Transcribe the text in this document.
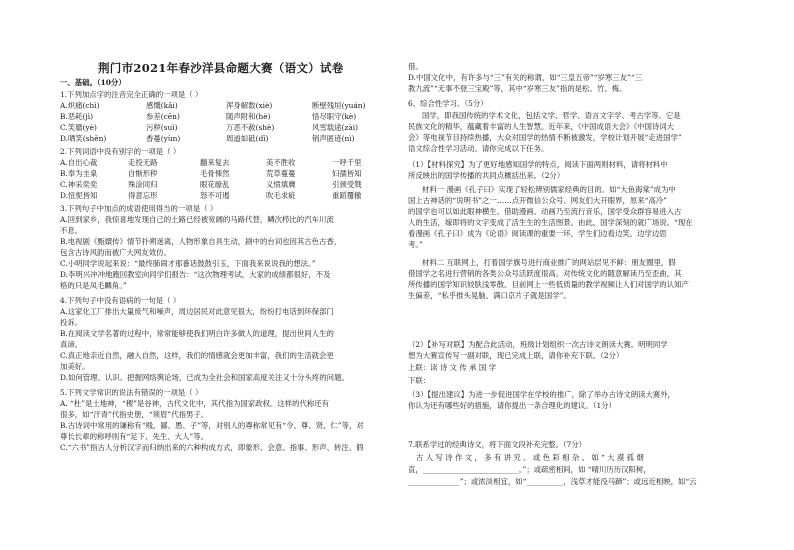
荆门市2021年春沙洋县命题大赛（语文）试卷
一、基础。（10分）
1.下列加点字的注音完全正确的一项是（ ）
A.炽痛(chì)	感慨(kǎi)	浑身解数(xiè)	断壁残垣(yuán)
B.恶耗(jì)	参差(cēn)	随声附和(hè)	恪尽职守(kè)
C.笑靥(yè)	污秽(suì)	万恶不赦(shè)	风雪载途(zài)
D.哂笑(shěn)	香蔓(yùn)	周道如砥(dǐ)	销声匿迹(nì)
2.下列词语中没有别字的一项是（ ）
A.自出心裁	走投无路	翻来复去	美不胜收	一呼千里
B.奉为圭臬	自惭形秽	毛骨悚然	荒草蔓蔓	妇孺皆知
C.神采奕奕	殊涂同归	眼花缭乱	义愤填膺	引颈受戮
D.忸怩皆知	得意忘形	怒不可遏	吹毛求疵	重蹈覆辙
3.下列句子中加点的成语使用得当的一项是（ ）
A.回到家乡，我惊喜地发现自己的土路已经被宽阔的马路代替，鳞次栉比的汽车川流
不息。
B.电视剧《甄嬛传》情节扑朔迷离，人物形象自具生动，剧中的台词也因其古色古香，
包含古诗风韵而被广大网友效仿。
C.小明同学说起来说：“最终肺闹才那番话鼓鼓引玉，下面我来说说我的想法。”
D.李明兴冲冲地跑回教室向同学们报告：“这次物理考试，大家的成绩都很好，不及
格的只是凤毛麟角。”
4.下列句子中没有语病的一句是（ ）
A.这家化工厂排出大量废气和噪声，周边居民对此意见很大，纷纷打电话到环保部门
投诉。
B.在阅读文学名著的过程中，常常能够使我们明白许多做人的道理，提出世间人生的
真谛。
C.真正地亲近自然，融入自然，这样，我们的情感就会更加丰富，我们的生活就会更
加美好。
D.如何管理、认识、把握网络舆论场，已成为全社会和国家高度关注又十分头疼的问题。
5.下列文学常识的说法有错误的一项是（ ）
A. “杜”是土地神，“稷”是谷神，古代文化中，其代指为国家政权。这样的代称还有
很多，如“汗青”代指史册，“须眉”代指男子。
B.古诗词中常用的谦称有“贱、鄙、愚、子”等，对别人的尊称常见有“令、尊、贤、仁”等，对
尊长长辈的称呼则有“足下、先生、大人”等。
C.“六书”指古人分析汉字而归纳出来的六种构成方式，即象形、会意、指事、形声、转注、假
借。
D.中国文化中，有许多与“三”有关的称谓，如“三皇五帝”“岁寒三友”“三
教九流”“无事不登三宝殿”等，其中“岁寒三友”指的是松、竹、梅。
6、综合性学习。（5分）
国学，即我国传统的学术文化，包括文学、哲学、语言文字学、考古学等。它是
民族文化的精华，蕴藏着丰富的人生智慧。近年来，《中国成语大会》《中国诗词大
会》等电视节目持续热播，大众对国学的热情不断被激发，学校计划开展“走进国学”
语文综合性学习活动。请你完成以下任务。
（1）【材料探究】为了更好地感知国学的特点，阅读下面两则材料，请将材料中
所反映出的国学传播的共同点概括出来。（2分）
材料一 漫画《孔子曰》实现了轻松辨别儒家经典的目的。如“大鱼海棠”成为中
国上古神话的“说明书”之一……点开微信公众号、网友们大开眼界，原来“高冷”
的国学也可以如此眼神横生。借助漫画、动画乃至流行音乐，国学受众群容易进入古
人的生活，嫁即将的文字变成了活生生的生活图景。由此，国学深刻的就广场说。“现在
看漫画《孔子曰》成为《论语》阅读课的重要一环，学生们边看边笑，边学边思
考。”
材料二 互联网上，打着国学旗号进行商业推广的网站层见不鲜：朋友圈里，假
借国学之名进行营销的各类公众号活跃度很高。对传统文化的随意解读乃至歪曲，其
所传播的国学知识较肤浅零散。目前网上一些低质量的教学视频让人们对国学的认知产
生偏差，“私乎推头晃脑、满口京片子就是国学”。
（2）【补写对联】为配合此活动，班级计划组织一次古诗文朗读大赛。明明同学
想为大赛宣传写一副对联，现已完成上联，请你补充下联。（2分）
上联：读 诗 文 传 承 国 学
下联：
（3）【提出建议】为进一步促进国学在学校的推广，除了举办古诗文朗读大赛外，
你认为还有哪些好的措施，请你提出一条合理化的建议。（1分）
7.联系学过的经典诗文，将下面文段补充完整。（7分）
古 人 写 诗 作 文 ， 多 有 讲 究 。 或 色 彩 相 杂 。 如 “ 大 漠 孤 烟
直，__________________________。”；或疏密相间，如 “晴川历历汉阳树，
______________”；或浓淡相宜，如“__________，浅草才能没马蹄”；或远近相映，如“云
